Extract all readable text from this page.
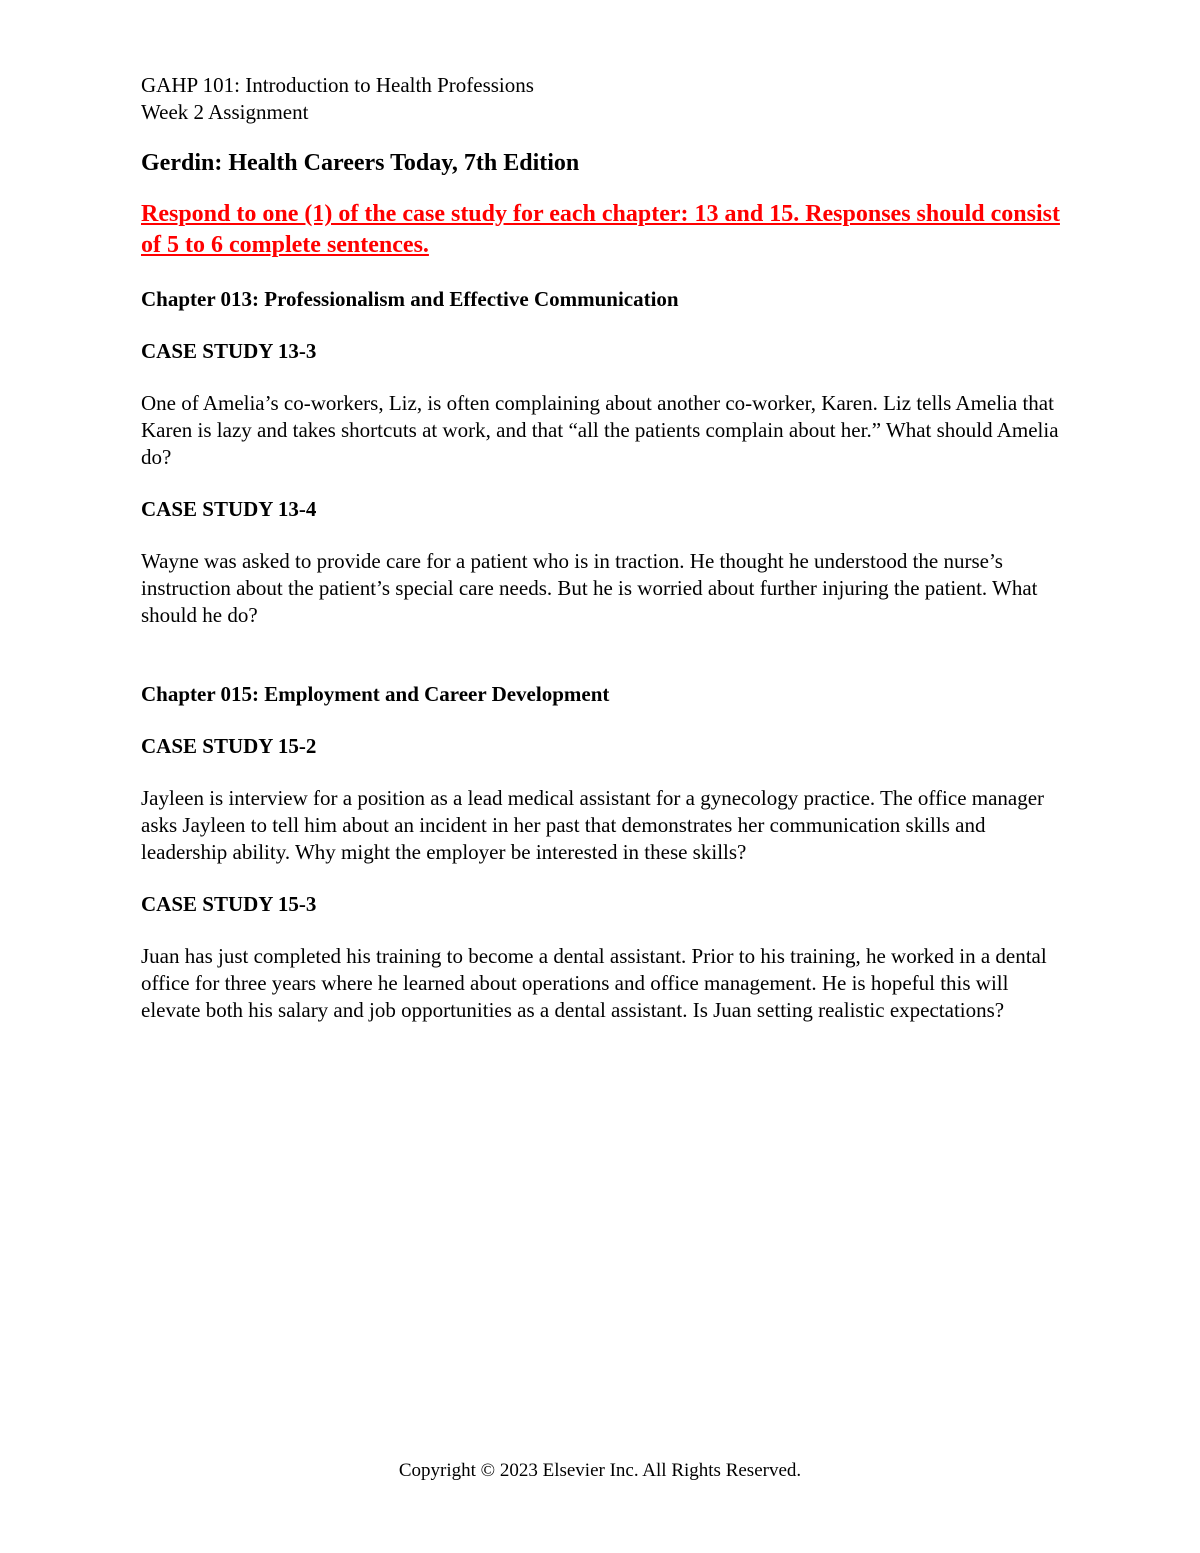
GAHP 101: Introduction to Health Professions

Week 2 Assignment

Gerdin: Health Careers Today, 7th Edition

Respond to one (1) of the case study for each chapter: 13 and 15. Responses should consist of 5 to 6 complete sentences.

Chapter 013: Professionalism and Effective Communication

CASE STUDY 13-3

One of Amelia’s co-workers, Liz, is often complaining about another co-worker, Karen. Liz tells Amelia that Karen is lazy and takes shortcuts at work, and that “all the patients complain about her.” What should Amelia do?

CASE STUDY 13-4

Wayne was asked to provide care for a patient who is in traction. He thought he understood the nurse’s instruction about the patient’s special care needs. But he is worried about further injuring the patient. What should he do?

Chapter 015: Employment and Career Development

CASE STUDY 15-2

Jayleen is interview for a position as a lead medical assistant for a gynecology practice. The office manager asks Jayleen to tell him about an incident in her past that demonstrates her communication skills and leadership ability. Why might the employer be interested in these skills?

CASE STUDY 15-3

Juan has just completed his training to become a dental assistant. Prior to his training, he worked in a dental office for three years where he learned about operations and office management. He is hopeful this will elevate both his salary and job opportunities as a dental assistant. Is Juan setting realistic expectations?

Copyright © 2023 Elsevier Inc. All Rights Reserved.
